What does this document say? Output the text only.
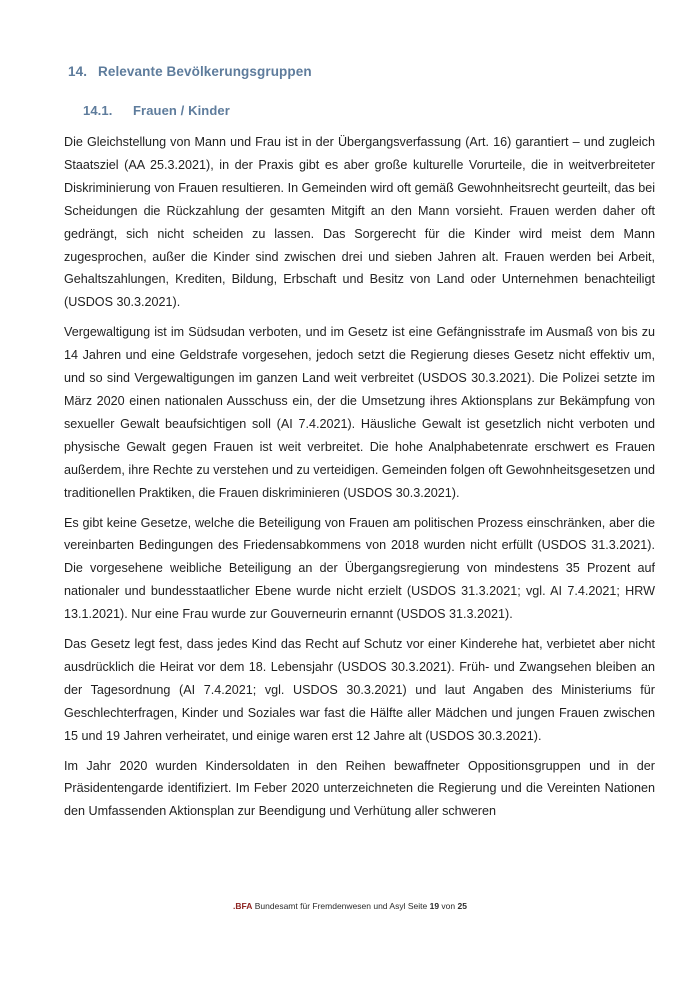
14. Relevante Bevölkerungsgruppen
14.1. Frauen / Kinder

Die Gleichstellung von Mann und Frau ist in der Übergangsverfassung (Art. 16) garantiert – und zugleich Staatsziel (AA 25.3.2021), in der Praxis gibt es aber große kulturelle Vorurteile, die in weitverbreiteter Diskriminierung von Frauen resultieren. In Gemeinden wird oft gemäß Gewohnheitsrecht geurteilt, das bei Scheidungen die Rückzahlung der gesamten Mitgift an den Mann vorsieht. Frauen werden daher oft gedrängt, sich nicht scheiden zu lassen. Das Sorgerecht für die Kinder wird meist dem Mann zugesprochen, außer die Kinder sind zwischen drei und sieben Jahren alt. Frauen werden bei Arbeit, Gehaltszahlungen, Krediten, Bildung, Erbschaft und Besitz von Land oder Unternehmen benachteiligt (USDOS 30.3.2021).

Vergewaltigung ist im Südsudan verboten, und im Gesetz ist eine Gefängnisstrafe im Ausmaß von bis zu 14 Jahren und eine Geldstrafe vorgesehen, jedoch setzt die Regierung dieses Gesetz nicht effektiv um, und so sind Vergewaltigungen im ganzen Land weit verbreitet (USDOS 30.3.2021). Die Polizei setzte im März 2020 einen nationalen Ausschuss ein, der die Umsetzung ihres Aktionsplans zur Bekämpfung von sexueller Gewalt beaufsichtigen soll (AI 7.4.2021). Häusliche Gewalt ist gesetzlich nicht verboten und physische Gewalt gegen Frauen ist weit verbreitet. Die hohe Analphabetenrate erschwert es Frauen außerdem, ihre Rechte zu verstehen und zu verteidigen. Gemeinden folgen oft Gewohnheitsgesetzen und traditionellen Praktiken, die Frauen diskriminieren (USDOS 30.3.2021).

Es gibt keine Gesetze, welche die Beteiligung von Frauen am politischen Prozess einschränken, aber die vereinbarten Bedingungen des Friedensabkommens von 2018 wurden nicht erfüllt (USDOS 31.3.2021). Die vorgesehene weibliche Beteiligung an der Übergangsregierung von mindestens 35 Prozent auf nationaler und bundesstaatlicher Ebene wurde nicht erzielt (USDOS 31.3.2021; vgl. AI 7.4.2021; HRW 13.1.2021). Nur eine Frau wurde zur Gouverneurin ernannt (USDOS 31.3.2021).

Das Gesetz legt fest, dass jedes Kind das Recht auf Schutz vor einer Kinderehe hat, verbietet aber nicht ausdrücklich die Heirat vor dem 18. Lebensjahr (USDOS 30.3.2021). Früh- und Zwangsehen bleiben an der Tagesordnung (AI 7.4.2021; vgl. USDOS 30.3.2021) und laut Angaben des Ministeriums für Geschlechterfragen, Kinder und Soziales war fast die Hälfte aller Mädchen und jungen Frauen zwischen 15 und 19 Jahren verheiratet, und einige waren erst 12 Jahre alt (USDOS 30.3.2021).

Im Jahr 2020 wurden Kindersoldaten in den Reihen bewaffneter Oppositionsgruppen und in der Präsidentengarde identifiziert. Im Feber 2020 unterzeichneten die Regierung und die Vereinten Nationen den Umfassenden Aktionsplan zur Beendigung und Verhütung aller schweren

.BFA Bundesamt für Fremdenwesen und Asyl Seite 19 von 25
